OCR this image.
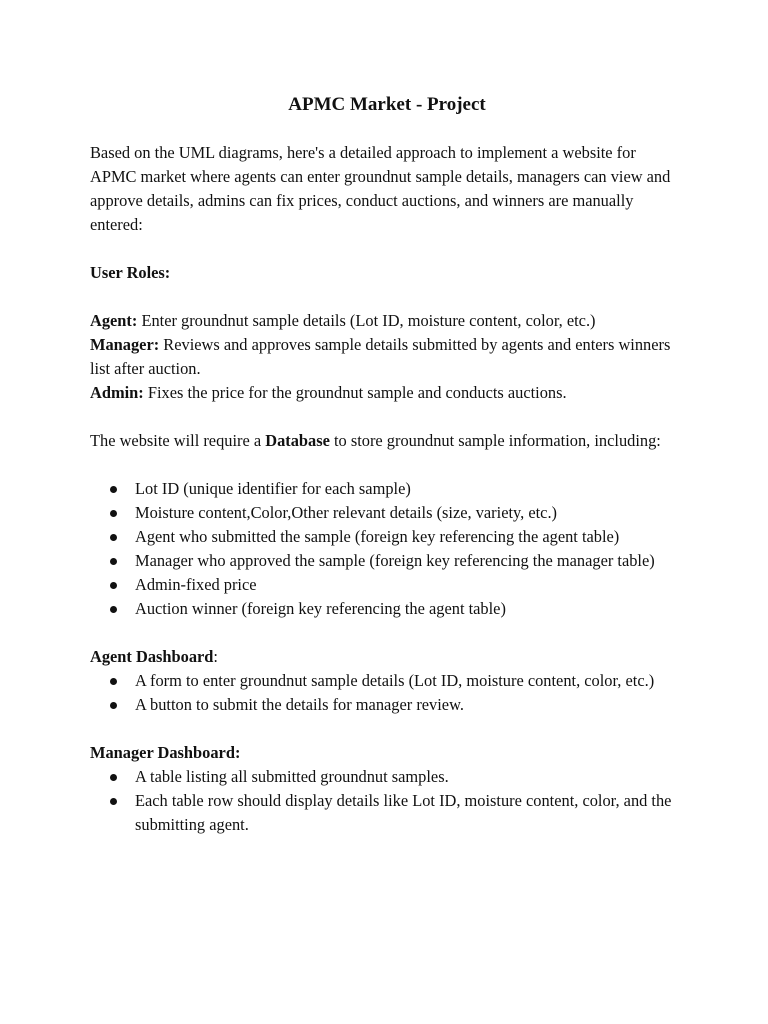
APMC Market - Project

Based on the UML diagrams, here's a detailed approach to implement a website for APMC market where agents can enter groundnut sample details, managers can view and approve details, admins can fix prices, conduct auctions, and winners are manually entered:

User Roles:

Agent: Enter groundnut sample details (Lot ID, moisture content, color, etc.)

Manager: Reviews and approves sample details submitted by agents and enters winners list after auction.

Admin: Fixes the price for the groundnut sample and conducts auctions.

The website will require a Database to store groundnut sample information, including:

Lot ID (unique identifier for each sample)
Moisture content,Color,Other relevant details (size, variety, etc.)
Agent who submitted the sample (foreign key referencing the agent table)
Manager who approved the sample (foreign key referencing the manager table)
Admin-fixed price
Auction winner (foreign key referencing the agent table)

Agent Dashboard:

A form to enter groundnut sample details (Lot ID, moisture content, color, etc.)
A button to submit the details for manager review.

Manager Dashboard:

A table listing all submitted groundnut samples.
Each table row should display details like Lot ID, moisture content, color, and the submitting agent.
